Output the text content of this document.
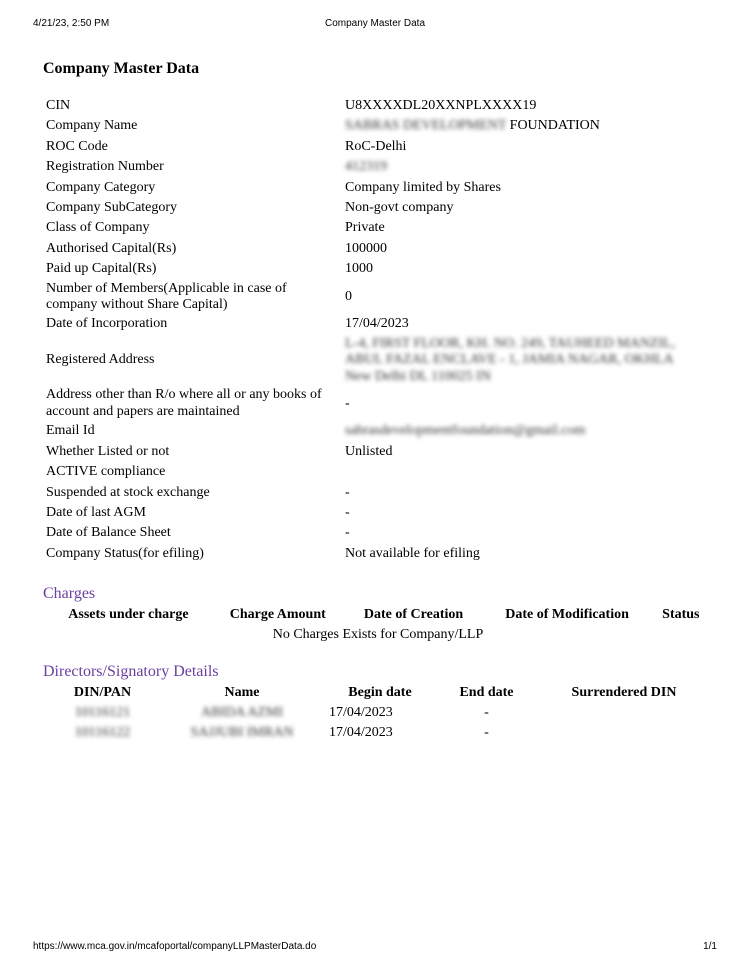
Company Master Data
4/21/23, 2:50 PM
Company Master Data
CIN	U8XXXXDL20XXNPLXXXX19
Company Name	SABRAS DEVELOPMENT FOUNDATION
ROC Code	RoC-Delhi
Registration Number	412319
Company Category	Company limited by Shares
Company SubCategory	Non-govt company
Class of Company	Private
Authorised Capital(Rs)	100000
Paid up Capital(Rs)	1000
Number of Members(Applicable in case of company without Share Capital)	0
Date of Incorporation	17/04/2023
Registered Address	L-4, FIRST FLOOR, KH. NO. 249, TAUHEED MANZIL, ABUL FAZAL ENCLAVE - 1, JAMIA NAGAR, OKHLA New Delhi DL 110025 IN
Address other than R/o where all or any books of account and papers are maintained	-
Email Id	sabrasdevelopmentfoundation@gmail.com
Whether Listed or not	Unlisted
ACTIVE compliance	
Suspended at stock exchange	-
Date of last AGM	-
Date of Balance Sheet	-
Company Status(for efiling)	Not available for efiling
Charges
Assets under charge	Charge Amount	Date of Creation	Date of Modification	Status
No Charges Exists for Company/LLP
Directors/Signatory Details
DIN/PAN	Name	Begin date	End date	Surrendered DIN
10116121	ABIDA AZMI	17/04/2023	-	
10116122	SAJJUBI IMRAN	17/04/2023	-	
https://www.mca.gov.in/mcafoportal/companyLLPMasterData.do	1/1
